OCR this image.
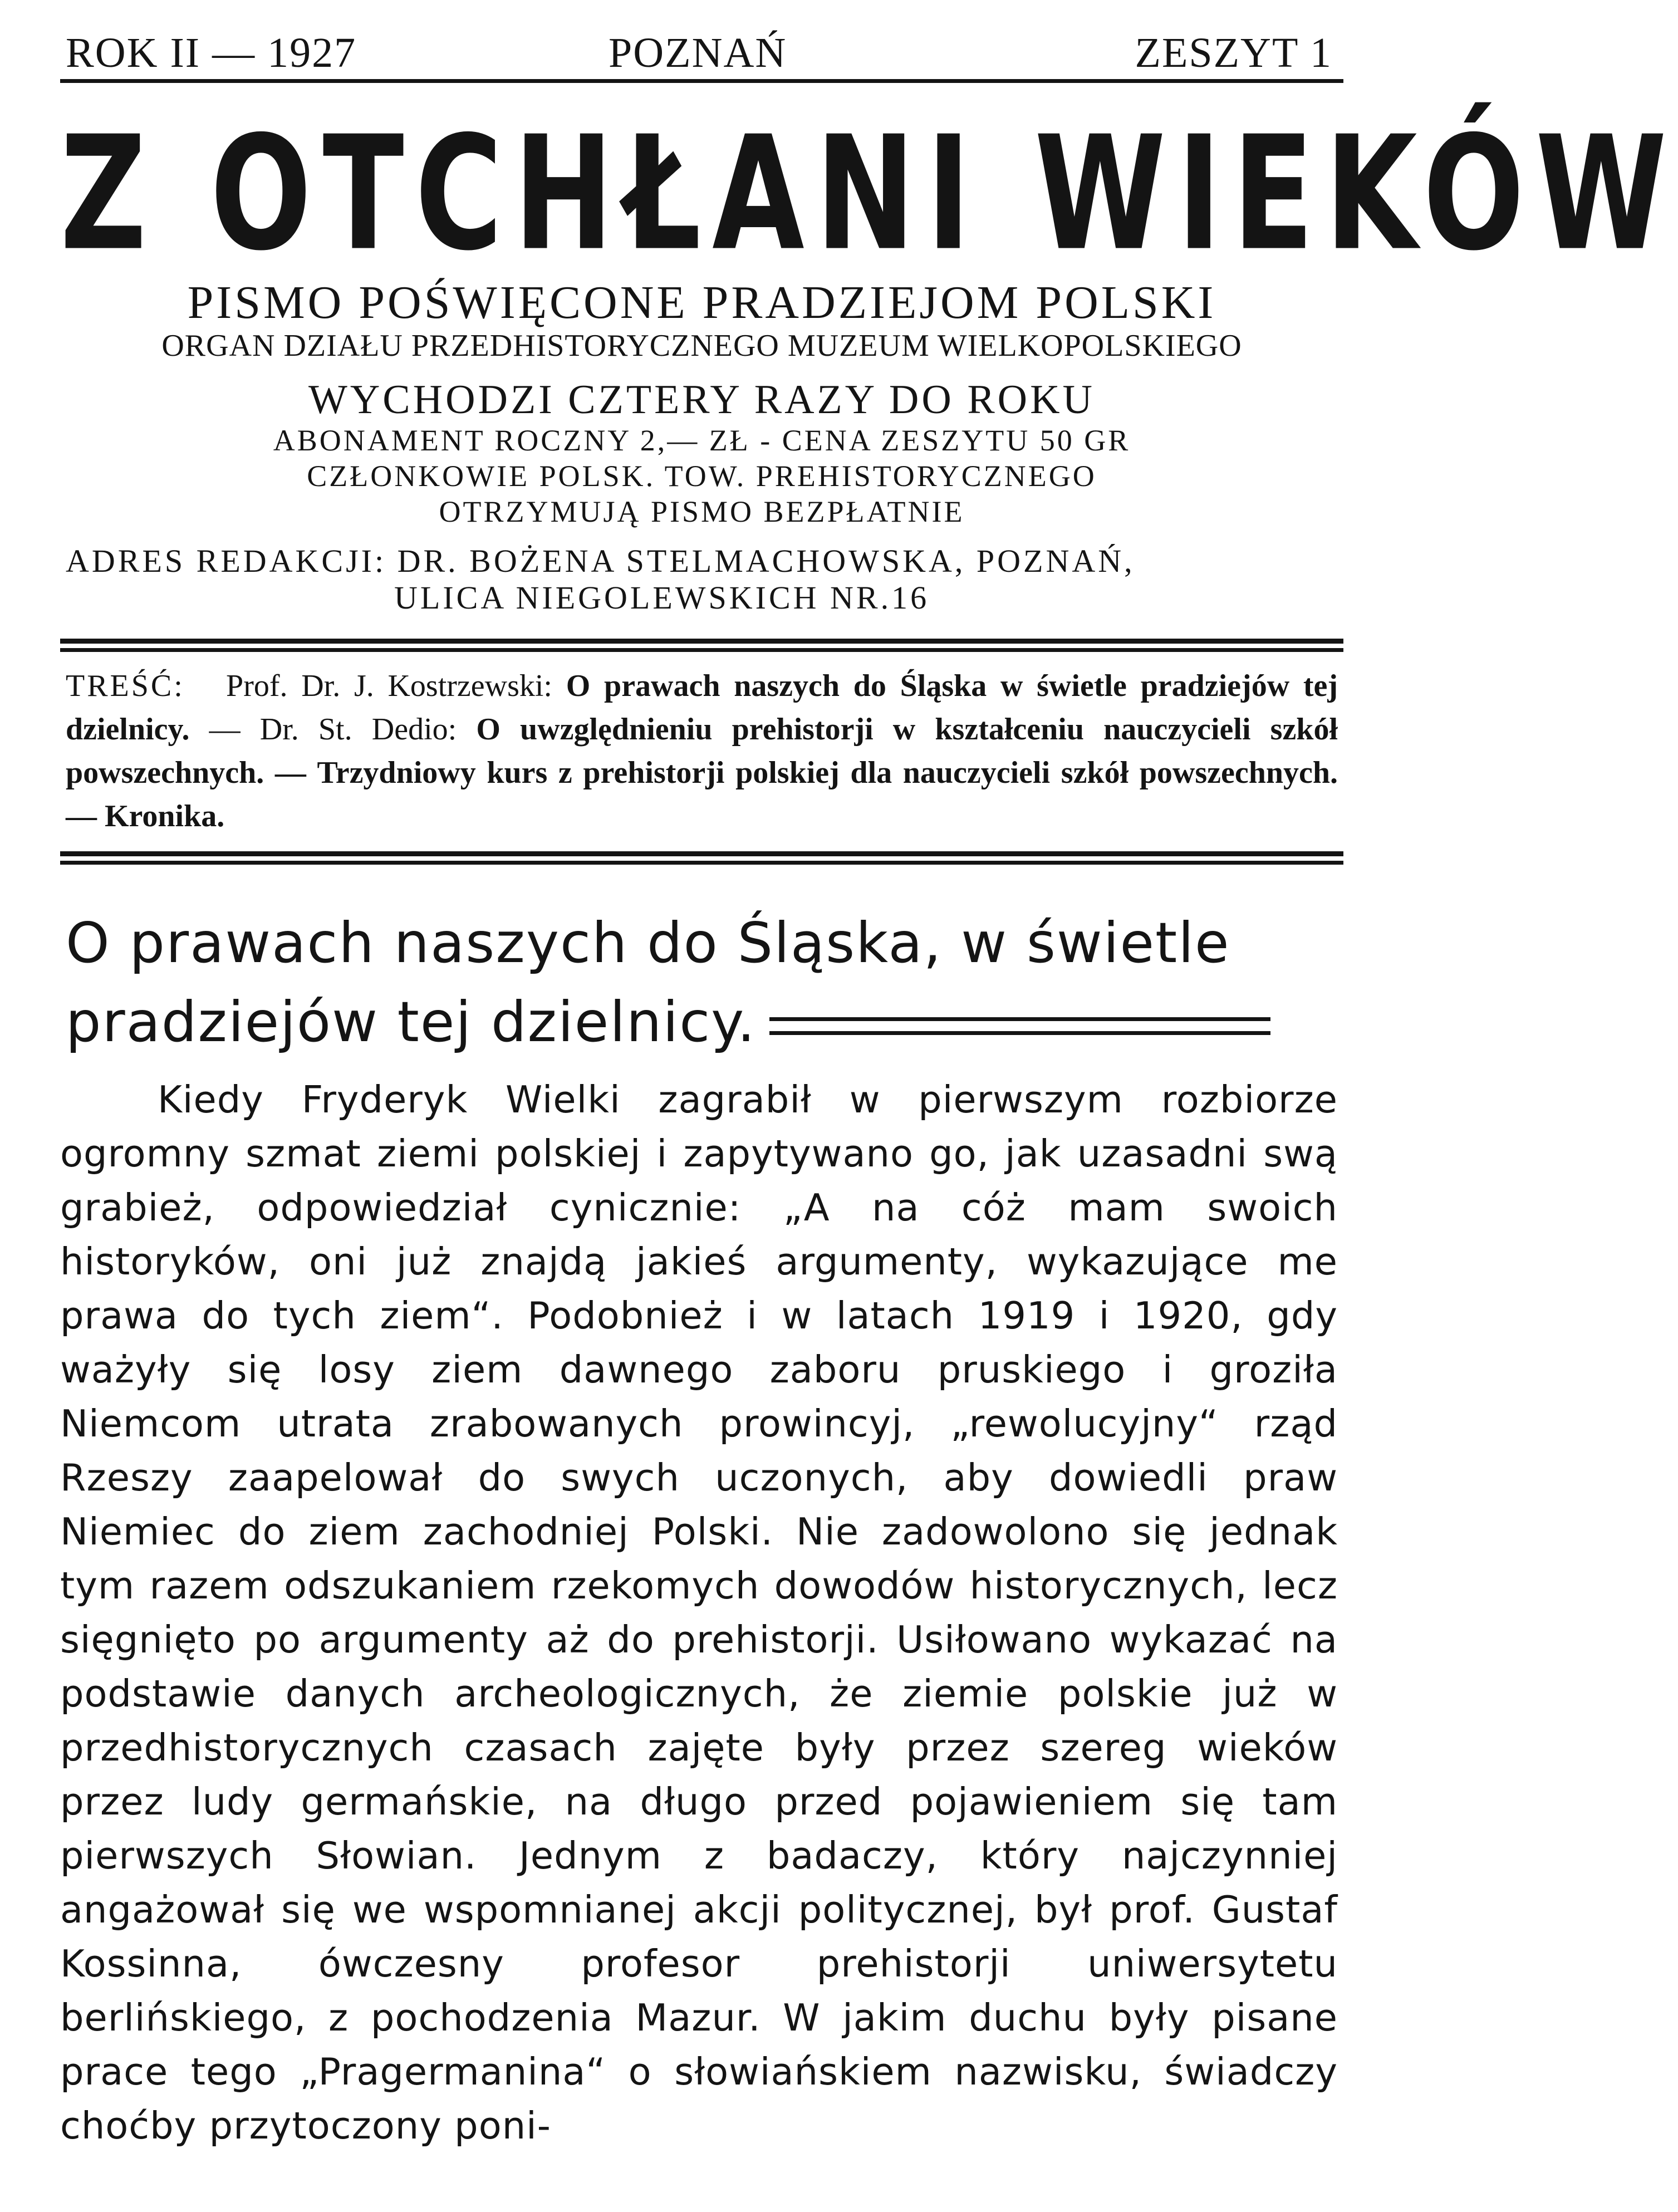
ROK II — 1927	POZNAŃ	ZESZYT 1
Z OTCHŁANI WIEKÓW
PISMO POŚWIĘCONE PRADZIEJOM POLSKI
ORGAN DZIAŁU PRZEDHISTORYCZNEGO MUZEUM WIELKOPOLSKIEGO
WYCHODZI CZTERY RAZY DO ROKU
ABONAMENT ROCZNY 2,— ZŁ - CENA ZESZYTU 50 GR
CZŁONKOWIE POLSK. TOW. PREHISTORYCZNEGO
OTRZYMUJĄ PISMO BEZPŁATNIE
ADRES REDAKCJI: DR. BOŻENA STELMACHOWSKA, POZNAŃ,
ULICA NIEGOLEWSKICH NR.16
TREŚĆ: Prof. Dr. J. Kostrzewski: O prawach naszych do Śląska w świetle pradziejów tej dzielnicy. — Dr. St. Dedio: O uwzględnieniu prehistorji w kształceniu nauczycieli szkół powszechnych. — Trzydniowy kurs z prehistorji polskiej dla nauczycieli szkół powszechnych. — Kronika.
O prawach naszych do Śląska, w świetle pradziejów tej dzielnicy.
Kiedy Fryderyk Wielki zagrabił w pierwszym rozbiorze ogromny szmat ziemi polskiej i zapytywano go, jak uzasadni swą grabież, odpowiedział cynicznie: „A na cóż mam swoich historyków, oni już znajdą jakieś argumenty, wykazujące me prawa do tych ziem“. Podobnież i w latach 1919 i 1920, gdy ważyły się losy ziem dawnego zaboru pruskiego i groziła Niemcom utrata zrabowanych prowincyj, „rewolucyjny“ rząd Rzeszy zaapelował do swych uczonych, aby dowiedli praw Niemiec do ziem zachodniej Polski. Nie zadowolono się jednak tym razem odszukaniem rzekomych dowodów historycznych, lecz sięgnięto po argumenty aż do prehistorji. Usiłowano wykazać na podstawie danych archeologicznych, że ziemie polskie już w przedhistorycznych czasach zajęte były przez szereg wieków przez ludy germańskie, na długo przed pojawieniem się tam pierwszych Słowian. Jednym z badaczy, który najczynniej angażował się we wspomnianej akcji politycznej, był prof. Gustaf Kossinna, ówczesny profesor prehistorji uniwersytetu berlińskiego, z pochodzenia Mazur. W jakim duchu były pisane prace tego „Pragermanina“ o słowiańskiem nazwisku, świadczy choćby przytoczony poni-
